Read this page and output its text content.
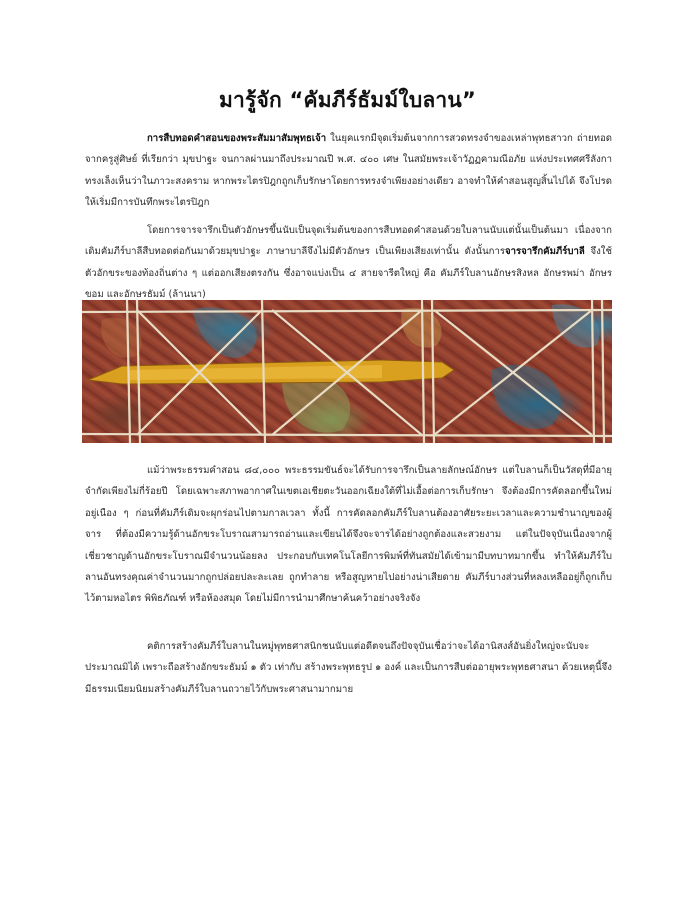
มารู้จัก “คัมภีร์ธัมม์ใบลาน”

การสืบทอดคำสอนของพระสัมมาสัมพุทธเจ้า ในยุคแรกมีจุดเริ่มต้นจากการสวดทรงจำของเหล่าพุทธสาวก ถ่ายทอดจากครูสู่ศิษย์ ที่เรียกว่า มุขปาฐะ จนกาลผ่านมาถึงประมาณปี พ.ศ. ๔๐๐ เศษ ในสมัยพระเจ้าวัฏฏคามณีอภัย แห่งประเทศศรีลังกา ทรงเล็งเห็นว่าในภาวะสงคราม หากพระไตรปิฎกถูกเก็บรักษาโดยการทรงจำเพียงอย่างเดียว อาจทำให้คำสอนสูญสิ้นไปได้ จึงโปรดให้เริ่มมีการบันทึกพระไตรปิฎก

โดยการจารจารึกเป็นตัวอักษรขึ้นนับเป็นจุดเริ่มต้นของการสืบทอดคำสอนด้วยใบลานนับแต่นั้นเป็นต้นมา เนื่องจากเดิมคัมภีร์บาลีสืบทอดต่อกันมาด้วยมุขปาฐะ ภาษาบาลีจึงไม่มีตัวอักษร เป็นเพียงเสียงเท่านั้น ดังนั้นการจารจารึกคัมภีร์บาลี จึงใช้ตัวอักขระของท้องถิ่นต่าง ๆ แต่ออกเสียงตรงกัน ซึ่งอาจแบ่งเป็น ๔ สายจารีตใหญ่ คือ คัมภีร์ใบลานอักษรสิงหล อักษรพม่า อักษรขอม และอักษรธัมม์ (ล้านนา)

แม้ว่าพระธรรมคำสอน ๘๔,๐๐๐ พระธรรมขันธ์จะได้รับการจารึกเป็นลายลักษณ์อักษร แต่ใบลานก็เป็นวัสดุที่มีอายุจำกัดเพียงไม่กี่ร้อยปี โดยเฉพาะสภาพอากาศในเขตเอเชียตะวันออกเฉียงใต้ที่ไม่เอื้อต่อการเก็บรักษา จึงต้องมีการคัดลอกขึ้นใหม่อยู่เนือง ๆ ก่อนที่คัมภีร์เดิมจะผุกร่อนไปตามกาลเวลา ทั้งนี้ การคัดลอกคัมภีร์ใบลานต้องอาศัยระยะเวลาและความชำนาญของผู้จาร ที่ต้องมีความรู้ด้านอักขระโบราณสามารถอ่านและเขียนได้จึงจะจารได้อย่างถูกต้องและสวยงาม แต่ในปัจจุบันเนื่องจากผู้เชี่ยวชาญด้านอักขระโบราณมีจำนวนน้อยลง ประกอบกับเทคโนโลยีการพิมพ์ที่ทันสมัยได้เข้ามามีบทบาทมากขึ้น ทำให้คัมภีร์ใบลานอันทรงคุณค่าจำนวนมากถูกปล่อยปละละเลย ถูกทำลาย หรือสูญหายไปอย่างน่าเสียดาย คัมภีร์บางส่วนที่หลงเหลืออยู่ก็ถูกเก็บไว้ตามหอไตร พิพิธภัณฑ์ หรือห้องสมุด โดยไม่มีการนำมาศึกษาค้นคว้าอย่างจริงจัง

คติการสร้างคัมภีร์ใบลานในหมู่พุทธศาสนิกชนนับแต่อดีตจนถึงปัจจุบันเชื่อว่าจะได้อานิสงส์อันยิ่งใหญ่จะนับจะประมาณมิได้ เพราะถือสร้างอักขระธัมม์ ๑ ตัว เท่ากับ สร้างพระพุทธรูป ๑ องค์ และเป็นการสืบต่ออายุพระพุทธศาสนา ด้วยเหตุนี้จึงมีธรรมเนียมนิยมสร้างคัมภีร์ใบลานถวายไว้กับพระศาสนามากมาย
